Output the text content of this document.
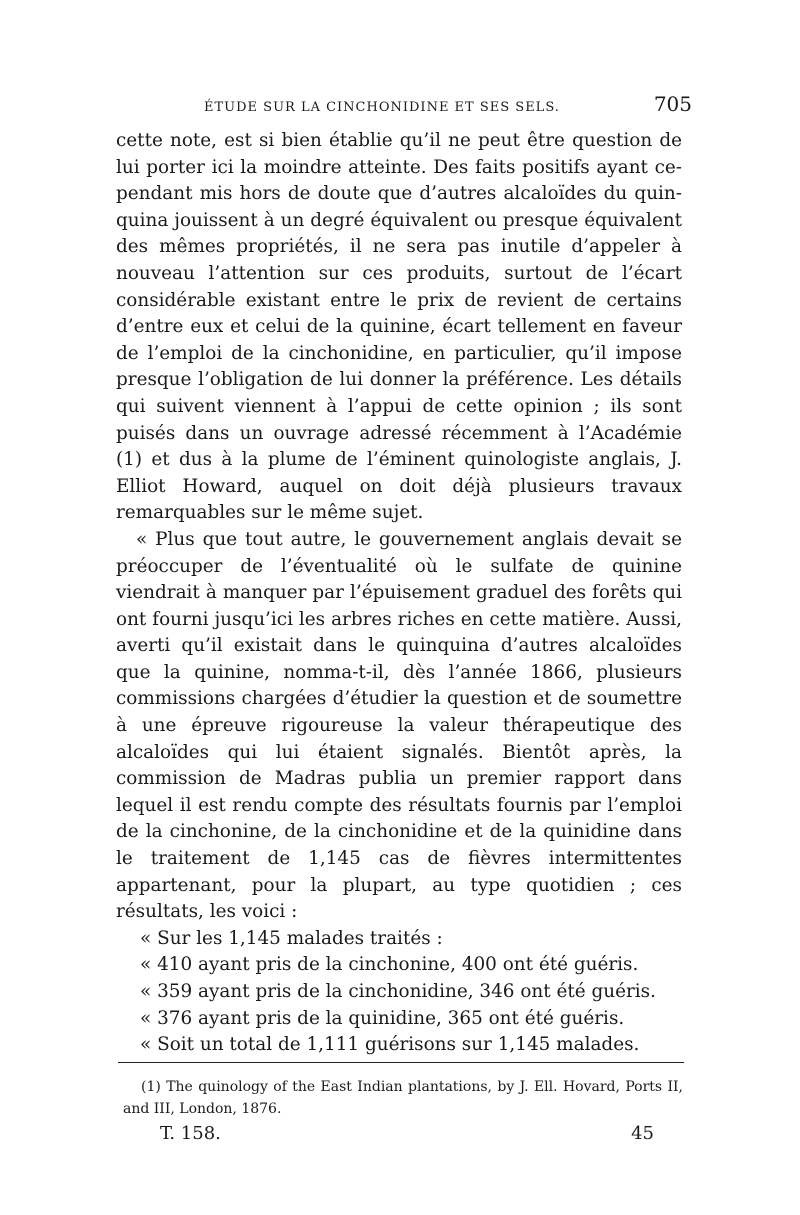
ÉTUDE SUR LA CINCHONIDINE ET SES SELS.	705

cette note, est si bien établie qu’il ne peut être question de lui porter ici la moindre atteinte. Des faits positifs ayant cependant mis hors de doute que d’autres alcaloïdes du quinquina jouissent à un degré équivalent ou presque équivalent des mêmes propriétés, il ne sera pas inutile d’appeler à nouveau l’attention sur ces produits, surtout de l’écart considérable existant entre le prix de revient de certains d’entre eux et celui de la quinine, écart tellement en faveur de l’emploi de la cinchonidine, en particulier, qu’il impose presque l’obligation de lui donner la préférence. Les détails qui suivent viennent à l’appui de cette opinion ; ils sont puisés dans un ouvrage adressé récemment à l’Académie (1) et dus à la plume de l’éminent quinologiste anglais, J. Elliot Howard, auquel on doit déjà plusieurs travaux remarquables sur le même sujet.

« Plus que tout autre, le gouvernement anglais devait se préoccuper de l’éventualité où le sulfate de quinine viendrait à manquer par l’épuisement graduel des forêts qui ont fourni jusqu’ici les arbres riches en cette matière. Aussi, averti qu’il existait dans le quinquina d’autres alcaloïdes que la quinine, nomma-t-il, dès l’année 1866, plusieurs commissions chargées d’étudier la question et de soumettre à une épreuve rigoureuse la valeur thérapeutique des alcaloïdes qui lui étaient signalés. Bientôt après, la commission de Madras publia un premier rapport dans lequel il est rendu compte des résultats fournis par l’emploi de la cinchonine, de la cinchonidine et de la quinidine dans le traitement de 1,145 cas de fièvres intermittentes appartenant, pour la plupart, au type quotidien ; ces résultats, les voici :

« Sur les 1,145 malades traités :
« 410 ayant pris de la cinchonine, 400 ont été guéris.
« 359 ayant pris de la cinchonidine, 346 ont été guéris.
« 376 ayant pris de la quinidine, 365 ont été guéris.
« Soit un total de 1,111 guérisons sur 1,145 malades.
(1) The quinology of the East Indian plantations, by J. Ell. Hovard, Ports II, and III, London, 1876.
T. 158.	45
